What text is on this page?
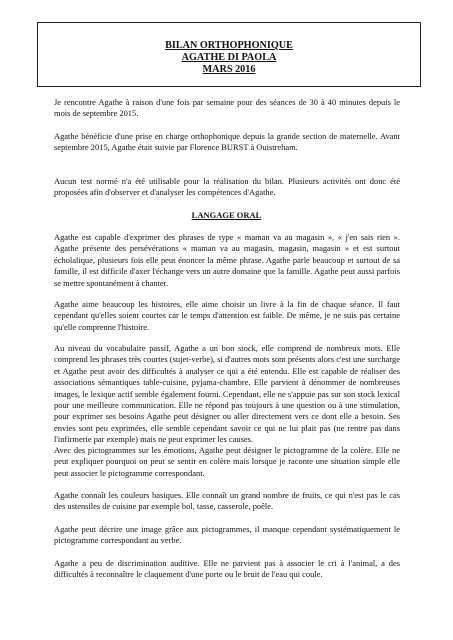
BILAN ORTHOPHONIQUE
AGATHE DI PAOLA
MARS 2016

Je rencontre Agathe à raison d'une fois par semaine pour des séances de 30 à 40 minutes depuis le mois de septembre 2015.

Agathe bénéficie d'une prise en charge orthophonique depuis la grande section de maternelle. Avant septembre 2015, Agathe était suivie par Florence BURST à Ouistreham.

Aucun test normé n'a été utilisable pour la réalisation du bilan. Plusieurs activités ont donc été proposées afin d'observer et d'analyser les compétences d'Agathe.

LANGAGE ORAL

Agathe est capable d'exprimer des phrases de type « maman va au magasin », « j'en sais rien ». Agathe présente des persévérations « maman va au magasin, magasin, magasin » et est surtout écholalique, plusieurs fois elle peut énoncer la même phrase. Agathe parle beaucoup et surtout de sa famille, il est difficile d'axer l'échange vers un autre domaine que la famille. Agathe peut aussi parfois se mettre spontanément à chanter.

Agathe aime beaucoup les histoires, elle aime choisir un livre à la fin de chaque séance. Il faut cependant qu'elles soient courtes car le temps d'attention est faible. De même, je ne suis pas certaine qu'elle comprenne l'histoire.

Au niveau du vocabulaire passif, Agathe a un bon stock, elle comprend de nombreux mots. Elle comprend les phrases très courtes (sujet-verbe), si d'autres mots sont présents alors c'est une surcharge et Agathe peut avoir des difficultés à analyser ce qui a été entendu. Elle est capable de réaliser des associations sémantiques table-cuisine, pyjama-chambre. Elle parvient à dénommer de nombreuses images, le lexique actif semble également fourni. Cependant, elle ne s'appuie pas sur son stock lexical pour une meilleure communication. Elle ne répond pas toujours à une question ou à une stimulation, pour exprimer ses besoins Agathe peut désigner ou aller directement vers ce dont elle a besoin. Ses envies sont peu exprimées, elle semble cependant savoir ce qui ne lui plait pas (ne rentre pas dans l'infirmerie par exemple) mais ne peut exprimer les causes.

Avec des pictogrammes sur les émotions, Agathe peut désigner le pictogramme de la colère. Elle ne peut expliquer pourquoi on peut se sentir en colère mais lorsque je raconte une situation simple elle peut associer le pictogramme correspondant.

Agathe connaît les couleurs basiques. Elle connaît un grand nombre de fruits, ce qui n'est pas le cas des ustensiles de cuisine par exemple bol, tasse, casserole, poêle.

Agathe peut décrire une image grâce aux pictogrammes, il manque cependant systématiquement le pictogramme correspondant au verbe.

Agathe a peu de discrimination auditive. Elle ne parvient pas à associer le cri à l'animal, a des difficultés à reconnaître le claquement d'une porte ou le bruit de l'eau qui coule.
